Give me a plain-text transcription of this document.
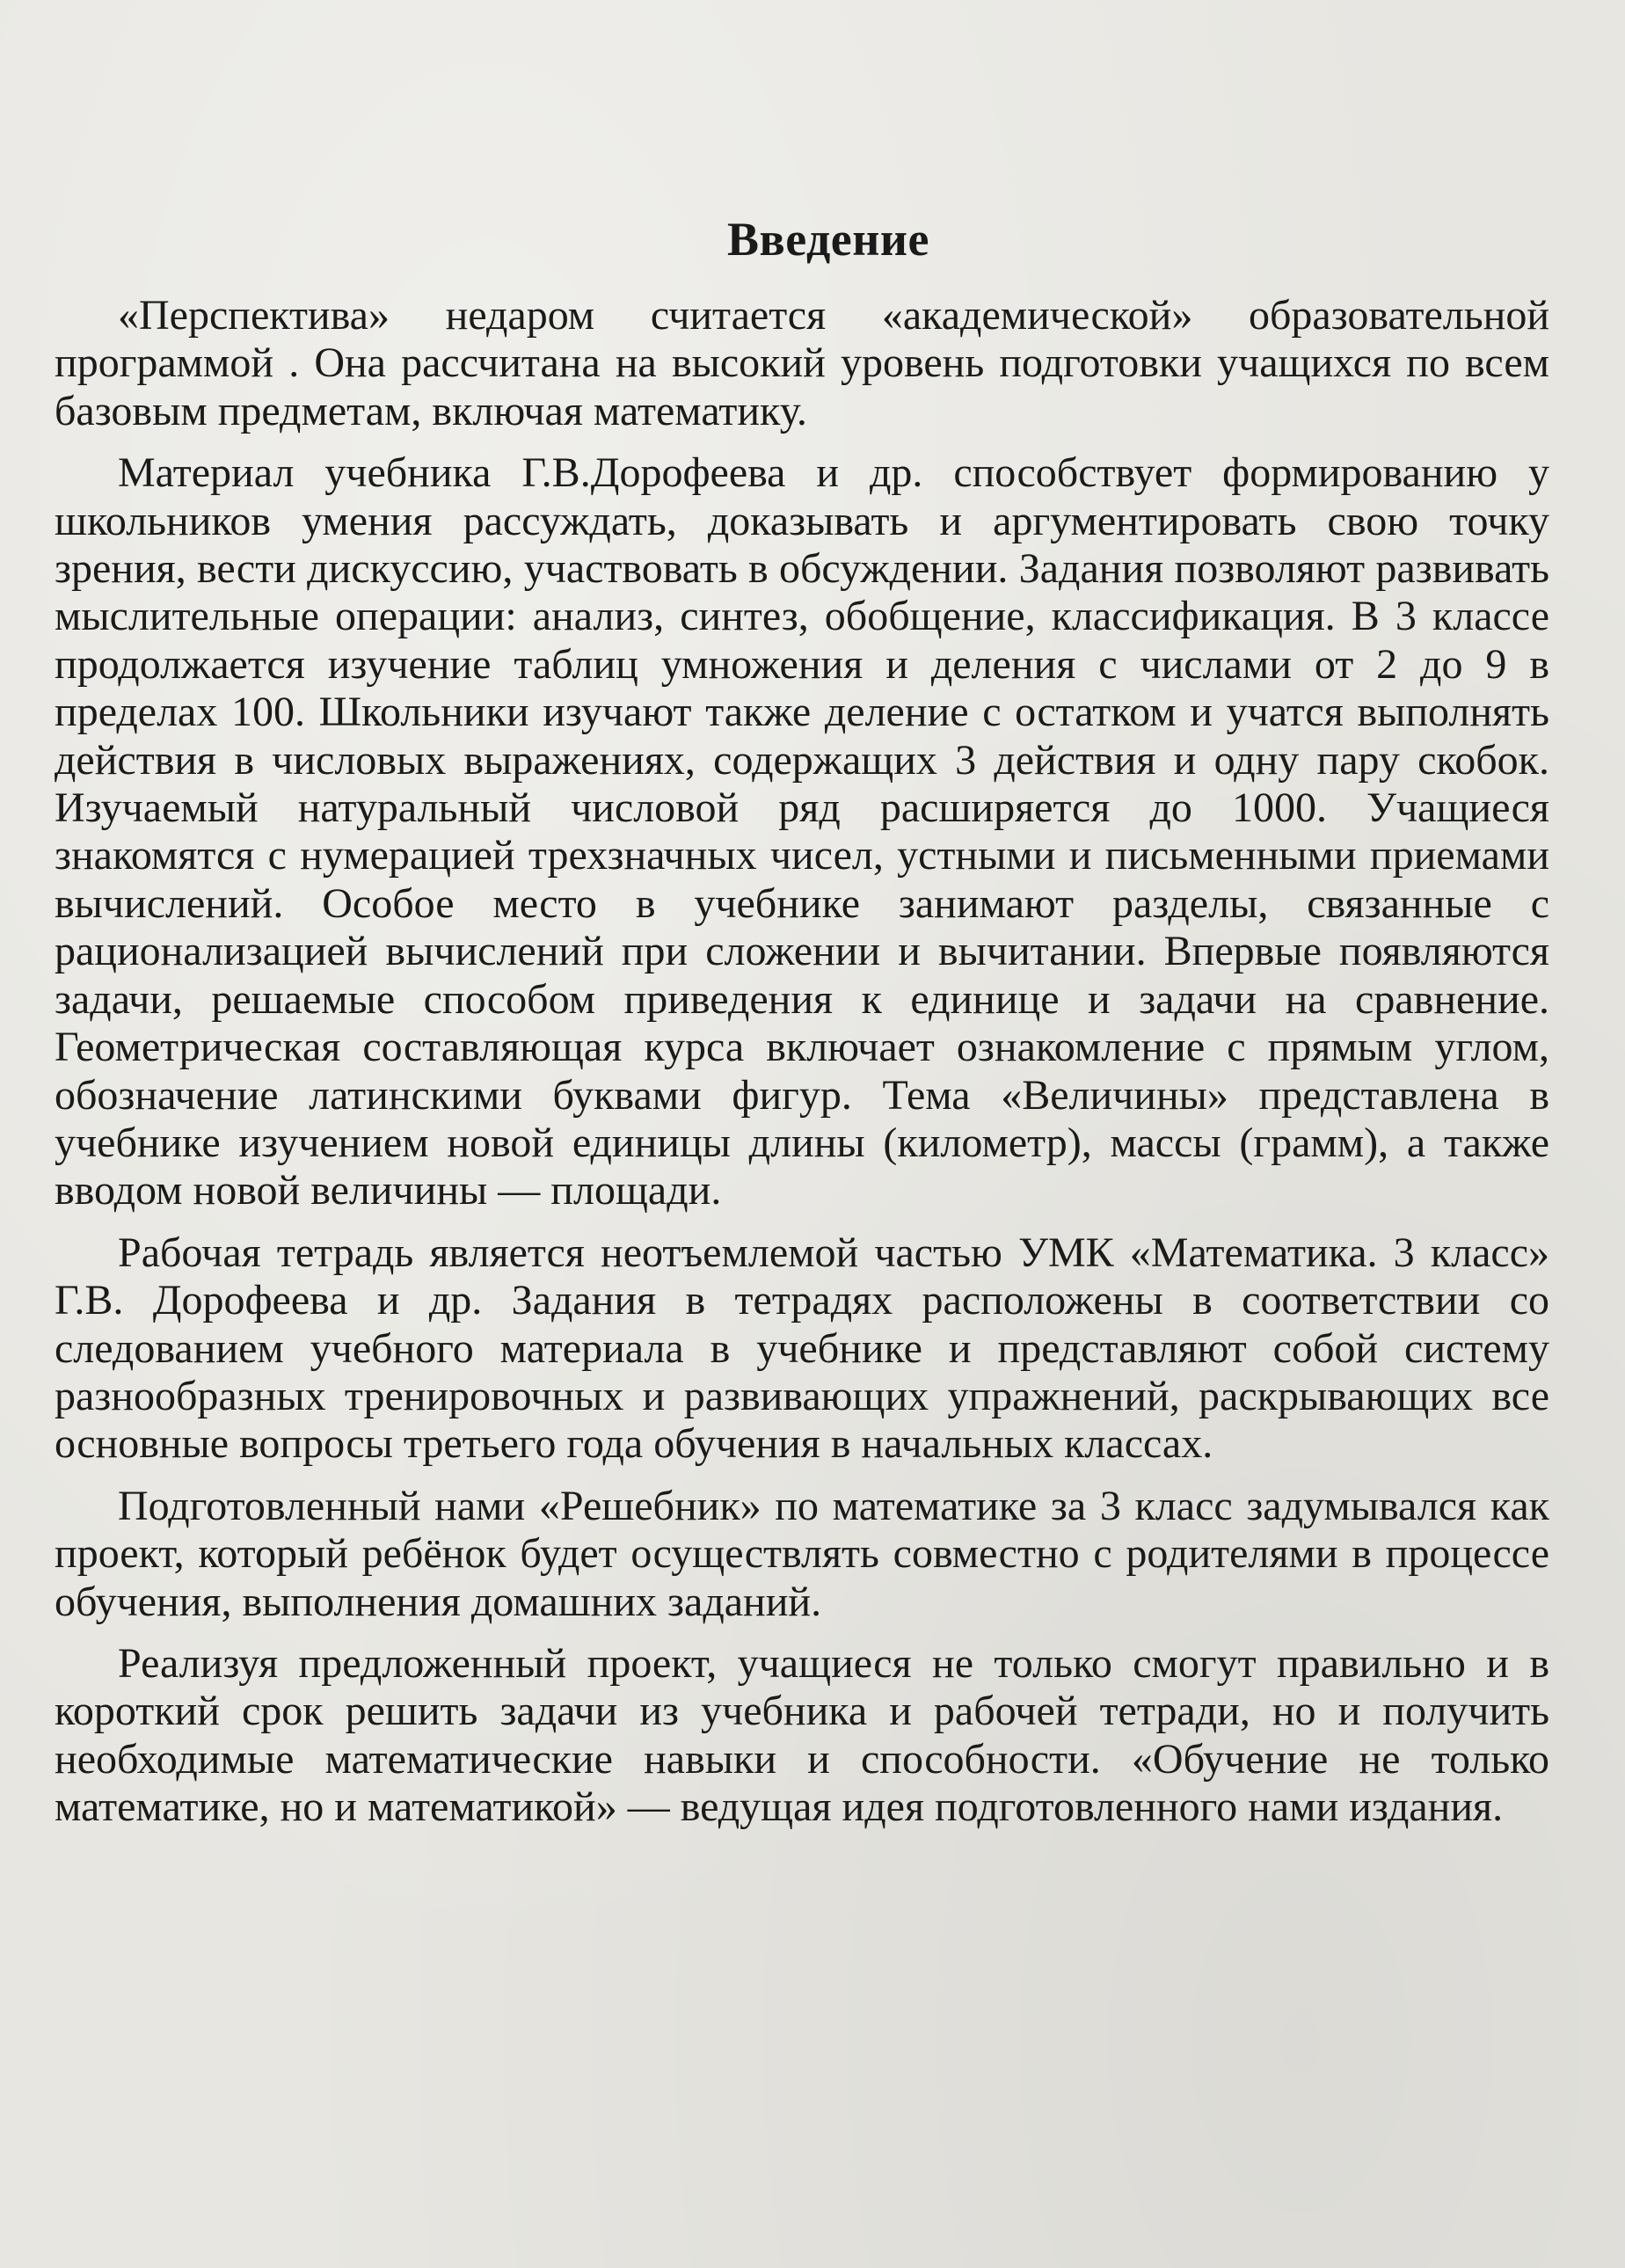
Введение

«Перспектива» недаром считается «академической» образовательной программой . Она рассчитана на высокий уровень подготовки учащихся по всем базовым предметам, включая математику.

Материал учебника Г.В.Дорофеева и др. способствует формированию у школьников умения рассуждать, доказывать и аргументировать свою точку зрения, вести дискуссию, участвовать в обсуждении. Задания позволяют развивать мыслительные операции: анализ, синтез, обобщение, классификация. В 3 классе продолжается изучение таблиц умножения и деления с числами от 2 до 9 в пределах 100. Школьники изучают также деление с остатком и учатся выполнять действия в числовых выражениях, содержащих 3 действия и одну пару скобок. Изучаемый натуральный числовой ряд расширяется до 1000. Учащиеся знакомятся с нумерацией трехзначных чисел, устными и письменными приемами вычислений. Особое место в учебнике занимают разделы, связанные с рационализацией вычислений при сложении и вычитании. Впервые появляются задачи, решаемые способом приведения к единице и задачи на сравнение. Геометрическая составляющая курса включает ознакомление с прямым углом, обозначение латинскими буквами фигур. Тема «Величины» представлена в учебнике изучением новой единицы длины (километр), массы (грамм), а также вводом новой величины — площади.

Рабочая тетрадь является неотъемлемой частью УМК «Математика. 3 класс» Г.В. Дорофеева и др. Задания в тетрадях расположены в соответствии со следованием учебного материала в учебнике и представляют собой систему разнообразных тренировочных и развивающих упражнений, раскрывающих все основные вопросы третьего года обучения в начальных классах.

Подготовленный нами «Решебник» по математике за 3 класс задумывался как проект, который ребёнок будет осуществлять совместно с родителями в процессе обучения, выполнения домашних заданий.

Реализуя предложенный проект, учащиеся не только смогут правильно и в короткий срок решить задачи из учебника и рабочей тетради, но и получить необходимые математические навыки и способности. «Обучение не только математике, но и математикой» — ведущая идея подготовленного нами издания.
